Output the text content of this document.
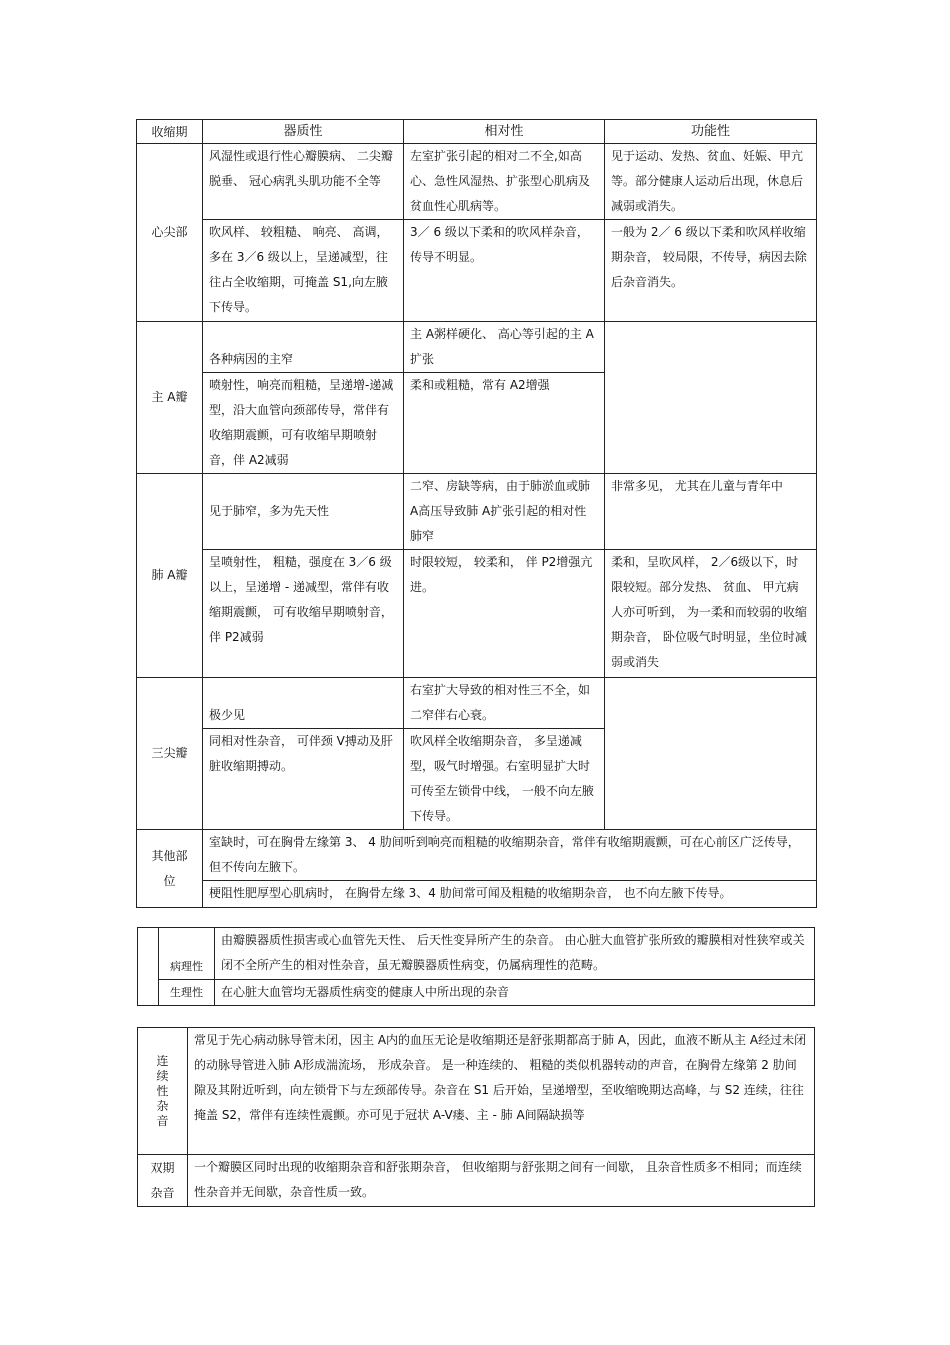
收缩期	器质性	相对性	功能性
心尖部	风湿性或退行性心瓣膜病、 二尖瓣脱垂、 冠心病乳头肌功能不全等	左室扩张引起的相对二不全,如高心、急性风湿热、扩张型心肌病及贫血性心肌病等。	见于运动、发热、贫血、妊娠、甲亢等。部分健康人运动后出现，休息后减弱或消失。
	吹风样、 较粗糙、 响亮、 高调，多在 3／6 级以上，呈递减型，往往占全收缩期，可掩盖 S1,向左腋下传导。	3／ 6 级以下柔和的吹风样杂音，传导不明显。	一般为 2／ 6 级以下柔和吹风样收缩期杂音， 较局限，不传导，病因去除后杂音消失。
主 A瓣	各种病因的主窄	主 A粥样硬化、 高心等引起的主 A扩张	
	喷射性，响亮而粗糙，呈递增-递减型，沿大血管向颈部传导，常伴有收缩期震颤，可有收缩早期喷射音，伴 A2减弱	柔和或粗糙，常有 A2增强	
肺 A瓣	见于肺窄，多为先天性	二窄、房缺等病，由于肺淤血或肺 A高压导致肺 A扩张引起的相对性肺窄	非常多见， 尤其在儿童与青年中
	呈喷射性， 粗糙，强度在 3／6 级以上，呈递增 - 递减型，常伴有收缩期震颤， 可有收缩早期喷射音，伴 P2减弱	时限较短， 较柔和， 伴 P2增强亢进。	柔和，呈吹风样， 2／6级以下，时限较短。部分发热、 贫血、 甲亢病人亦可听到， 为一柔和而较弱的收缩期杂音， 卧位吸气时明显，坐位时减弱或消失
三尖瓣	极少见	右室扩大导致的相对性三不全，如二窄伴右心衰。	
	同相对性杂音， 可伴颈 V搏动及肝脏收缩期搏动。	吹风样全收缩期杂音， 多呈递减型，吸气时增强。右室明显扩大时可传至左锁骨中线， 一般不向左腋下传导。	
其他部位	室缺时，可在胸骨左缘第 3、 4 肋间听到响亮而粗糙的收缩期杂音，常伴有收缩期震颤，可在心前区广泛传导，但不传向左腋下。		
	梗阻性肥厚型心肌病时， 在胸骨左缘 3、4 肋间常可闻及粗糙的收缩期杂音， 也不向左腋下传导。		
	病理性	由瓣膜器质性损害或心血管先天性、 后天性变异所产生的杂音。 由心脏大血管扩张所致的瓣膜相对性狭窄或关闭不全所产生的相对性杂音，虽无瓣膜器质性病变，仍属病理性的范畴。
	生理性	在心脏大血管均无器质性病变的健康人中所出现的杂音
连续性杂音	常见于先心病动脉导管未闭，因主 A内的血压无论是收缩期还是舒张期都高于肺 A，因此，血液不断从主 A经过未闭的动脉导管进入肺 A形成湍流场， 形成杂音。 是一种连续的、 粗糙的类似机器转动的声音，在胸骨左缘第 2 肋间隙及其附近听到，向左锁骨下与左颈部传导。杂音在 S1 后开始，呈递增型，至收缩晚期达高峰，与 S2 连续，往往掩盖 S2，常伴有连续性震颤。亦可见于冠状 A-V瘘、主 - 肺 A间隔缺损等
双期杂音	一个瓣膜区同时出现的收缩期杂音和舒张期杂音， 但收缩期与舒张期之间有一间歇， 且杂音性质多不相同；而连续性杂音并无间歇，杂音性质一致。
